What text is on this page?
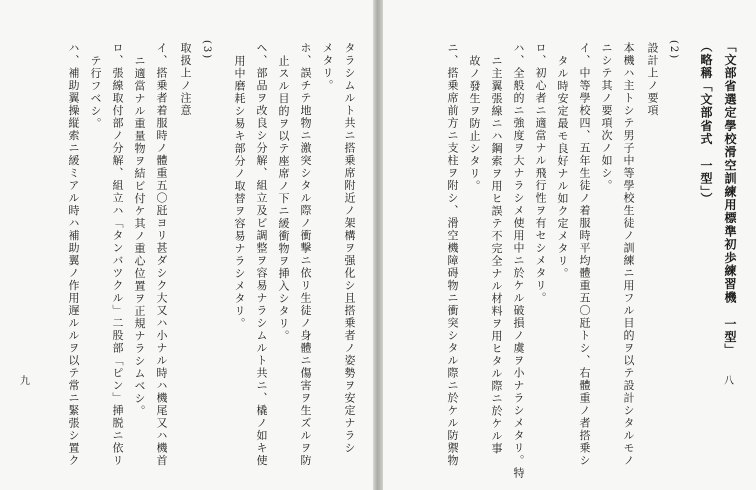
タラシムルト共ニ搭乗席附近ノ架構ヲ强化シ且搭乗者ノ姿勢ヲ安定ナラシ
メタリ。
ホ、誤チテ地物ニ激突シタル際ノ衝撃ニ依リ生徒ノ身體ニ傷害ヲ生ズルヲ防
止スル目的ヲ以テ座席ノ下ニ緩衝物ヲ挿入シタリ。
ヘ、部品ヲ改良シ分解、組立及ビ調整ヲ容易ナラシムルト共ニ、橇ノ如キ使
用中磨耗シ易キ部分ノ取替ヲ容易ナラシメタリ。
(3)
取扱上ノ注意
イ、搭乗者着服時ノ體重五〇瓩ヨリ甚ダシク大又ハ小ナル時ハ機尾又ハ機首
ニ適當ナル重量物ヲ結ビ付ケ其ノ重心位置ヲ正規ナラシムベシ。
ロ、張線取付部ノ分解、組立ハ「タンバツクル」二股部「ピン」挿脱ニ依リ
テ行フベシ。
ハ、補助翼操縦索ニ緩ミアル時ハ補助翼ノ作用遅ルルヲ以テ常ニ緊張シ置ク
九
「文部省選定學校滑空訓練用標準初歩練習機　一型」
（略稱「文部省式　一型」）
(2)
設計上ノ要項
本機ハ主トシテ男子中等學校生徒ノ訓練ニ用フル目的ヲ以テ設計シタルモノ
ニシテ其ノ要項次ノ如シ。
イ、中等學校四、五年生徒ノ着服時平均體重五〇瓩トシ、右體重ノ者搭乗シ
タル時安定最モ良好ナル如ク定メタリ。
ロ、初心者ニ適當ナル飛行性ヲ有セシメタリ。
ハ、全般的ニ強度ヲ大ナラシメ使用中ニ於ケル破損ノ虞ヲ小ナラシメタリ。特
ニ主翼張線ニハ鋼索ヲ用ヒ誤テ不完全ナル材料ヲ用ヒタル際ニ於ケル事
故ノ發生ヲ防止シタリ。
ニ、搭乗席前方ニ支柱ヲ附シ、滑空機障碍物ニ衝突シタル際ニ於ケル防禦物	八
